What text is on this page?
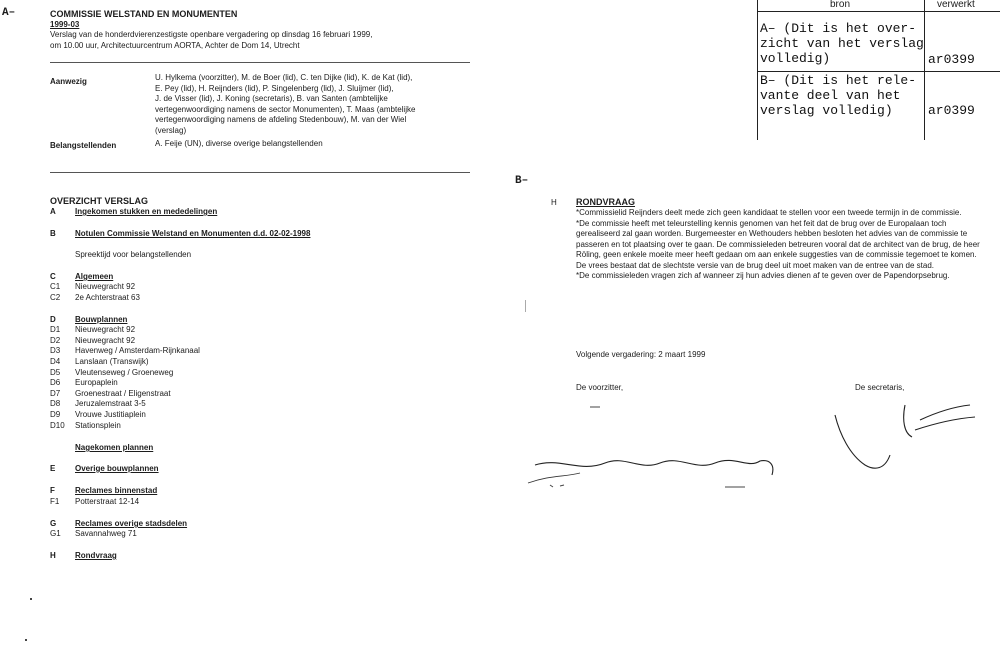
A–
B–
COMMISSIE WELSTAND EN MONUMENTEN
1999-03
Verslag van de honderdvierenzestigste openbare vergadering op dinsdag 16 februari 1999,
om 10.00 uur, Architectuurcentrum AORTA, Achter de Dom 14, Utrecht
Aanwezig	U. Hylkema (voorzitter), M. de Boer (lid), C. ten Dijke (lid), K. de Kat (lid),
E. Pey (lid), H. Reijnders (lid), P. Singelenberg (lid), J. Sluijmer (lid),
J. de Visser (lid), J. Koning (secretaris), B. van Santen (ambtelijke
vertegenwoordiging namens de sector Monumenten), T. Maas (ambtelijke
vertegenwoordiging namens de afdeling Stedenbouw), M. van der Wiel
(verslag)
Belangstellenden	A. Feije (UN), diverse overige belangstellenden
bron	verwerkt
A– (Dit is het over-
zicht van het verslag
volledig)	ar0399
B– (Dit is het rele-
vante deel van het
verslag volledig)	ar0399
OVERZICHT VERSLAG
A Ingekomen stukken en mededelingen
B Notulen Commissie Welstand en Monumenten d.d. 02-02-1998
Spreektijd voor belangstellenden
C Algemeen
C1 Nieuwegracht 92
C2 2e Achterstraat 63
D Bouwplannen
D1 Nieuwegracht 92
D2 Nieuwegracht 92
D3 Havenweg / Amsterdam-Rijnkanaal
D4 Lanslaan (Transwijk)
D5 Vleutenseweg / Groeneweg
D6 Europaplein
D7 Groenestraat / Eligenstraat
D8 Jeruzalemstraat 3-5
D9 Vrouwe Justitiaplein
D10 Stationsplein
Nagekomen plannen
E Overige bouwplannen
F	Reclames binnenstad
F1 Potterstraat 12-14
G Reclames overige stadsdelen
G1 Savannahweg 71
H Rondvraag
H RONDVRAAG
*Commissielid Reijnders deelt mede zich geen kandidaat te stellen voor een tweede termijn in de commissie.
*De commissie heeft met teleurstelling kennis genomen van het feit dat de brug over de Europalaan toch gerealiseerd zal gaan worden. Burgemeester en Wethouders hebben besloten het advies van de commissie te passeren en tot plaatsing over te gaan. De commissieleden betreuren vooral dat de architect van de brug, de heer Röling, geen enkele moeite meer heeft gedaan om aan enkele suggesties van de commissie tegemoet te komen. De vrees bestaat dat de slechtste versie van de brug deel uit moet maken van de entree van de stad.
*De commissieleden vragen zich af wanneer zij hun advies dienen af te geven over de Papendorpsebrug.
Volgende vergadering: 2 maart 1999
De voorzitter,	De secretaris,
